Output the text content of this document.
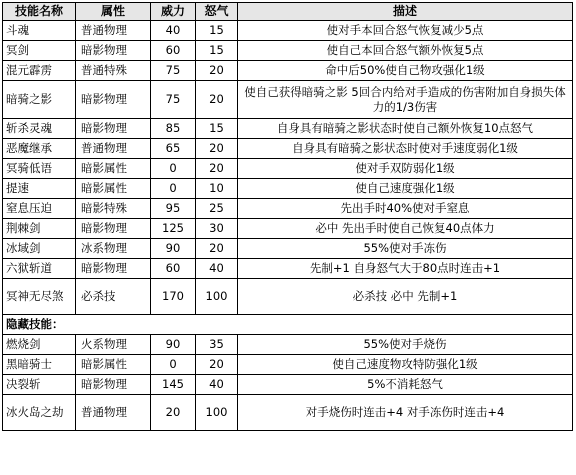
技能名称	属性	威力	怒气	描述
斗魂	普通物理	40	15	使对手本回合怒气恢复减少5点
冥剑	暗影物理	60	15	使自己本回合怒气额外恢复5点
混元霹雳	普通特殊	75	20	命中后50%使自己物攻强化1级
暗骑之影	暗影物理	75	20	使自己获得暗骑之影 5回合内给对手造成的伤害附加自身损失体力的1/3伤害
斩杀灵魂	暗影物理	85	15	自身具有暗骑之影状态时使自己额外恢复10点怒气
恶魔继承	普通物理	65	20	自身具有暗骑之影状态时使对手速度弱化1级
冥骑低语	暗影属性	0	20	使对手双防弱化1级
提速	暗影属性	0	10	使自己速度强化1级
窒息压迫	暗影特殊	95	25	先出手时40%使对手窒息
荆棘剑	暗影物理	125	30	必中 先出手时使自己恢复40点体力
冰域剑	冰系物理	90	20	55%使对手冻伤
六狱斩道	暗影物理	60	40	先制+1 自身怒气大于80点时连击+1
冥神无尽煞	必杀技	170	100	必杀技 必中 先制+1
隐藏技能：				
燃烧剑	火系物理	90	35	55%使对手烧伤
黑暗骑士	暗影属性	0	20	使自己速度物攻特防强化1级
决裂斩	暗影物理	145	40	5%不消耗怒气
冰火岛之劫	普通物理	20	100	对手烧伤时连击+4 对手冻伤时连击+4
